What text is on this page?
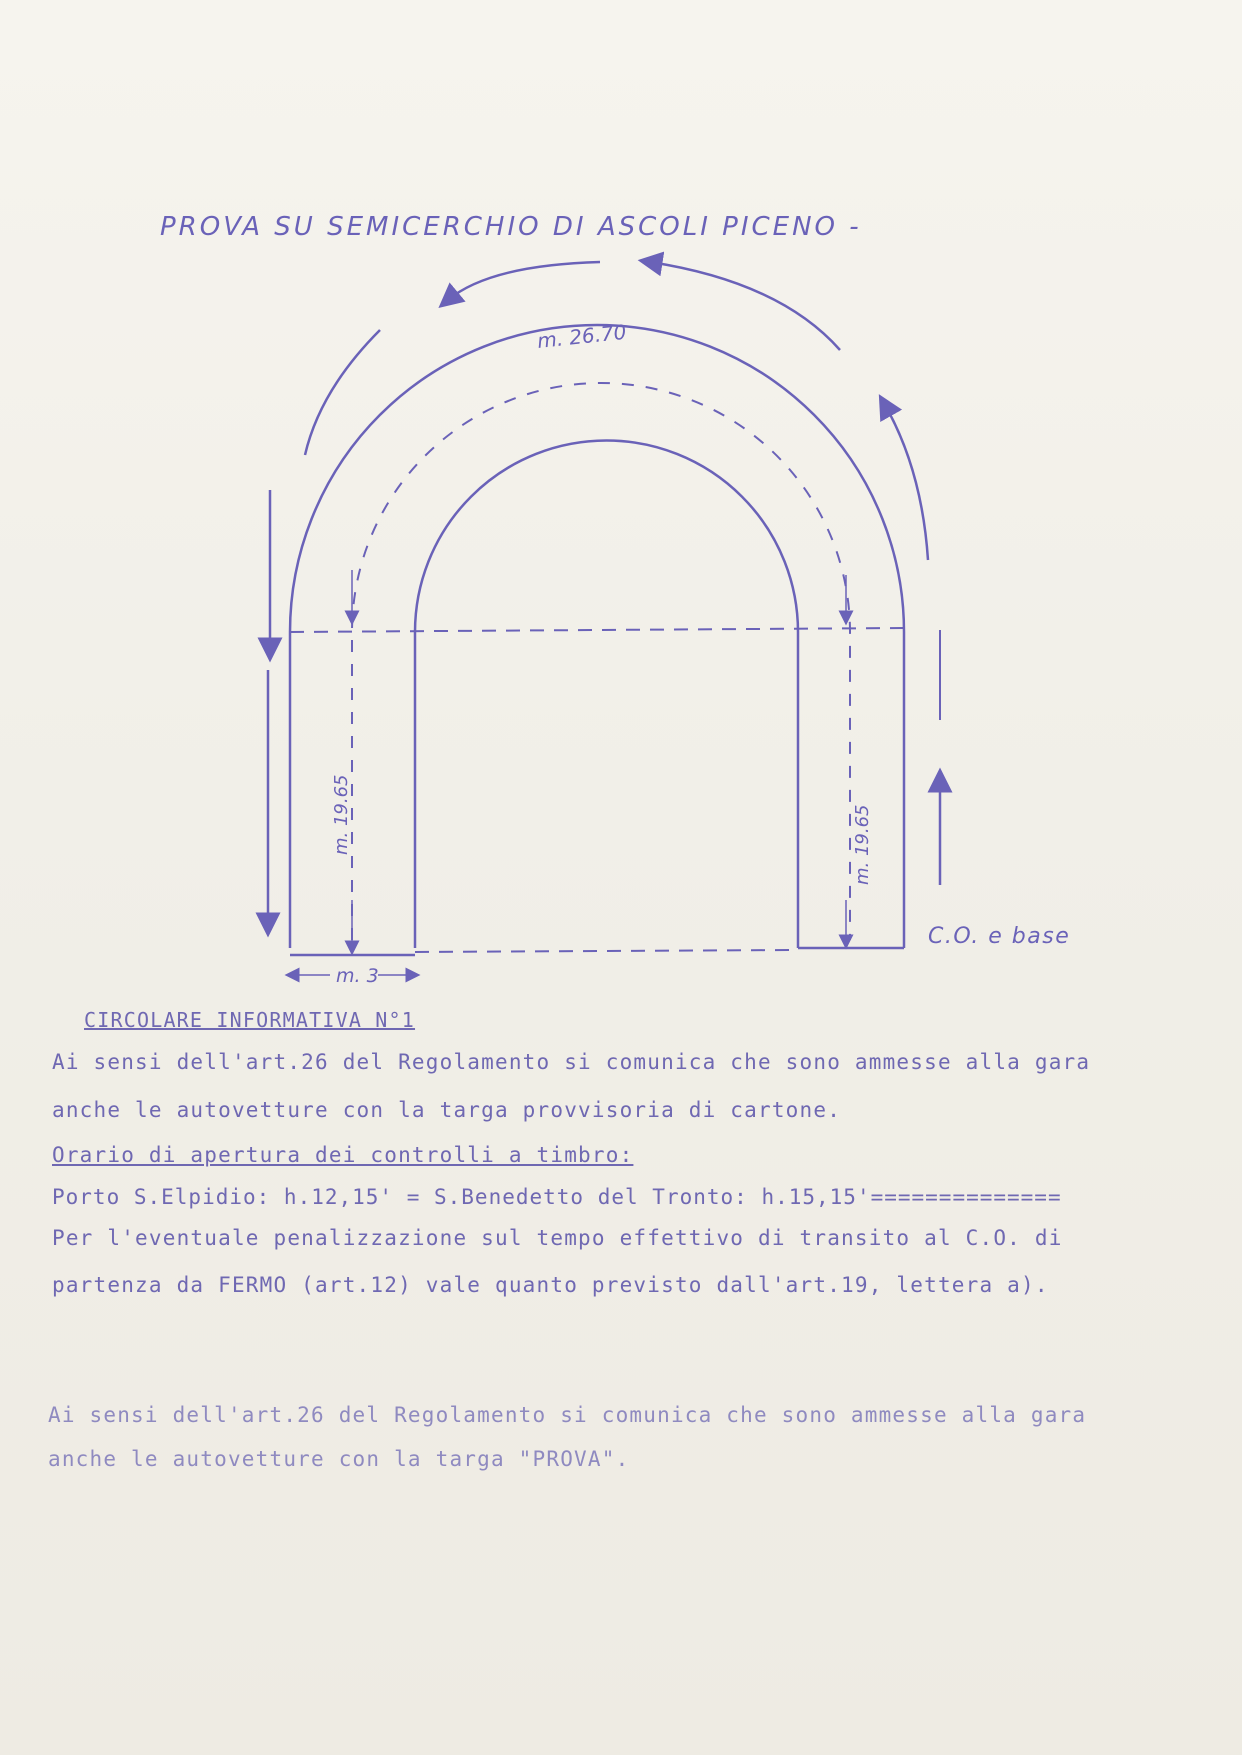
PROVA SU SEMICERCHIO DI ASCOLI PICENO -
m. 26.70
m. 19.65	m. 19.65
m. 3
C.O. e base
CIRCOLARE INFORMATIVA N°1
Ai sensi dell'art.26 del Regolamento si comunica che sono ammesse alla gara
anche le autovetture con la targa provvisoria di cartone.
Orario di apertura dei controlli a timbro:
Porto S.Elpidio: h.12,15' = S.Benedetto del Tronto: h.15,15'==============
Per l'eventuale penalizzazione sul tempo effettivo di transito al C.O. di
partenza da FERMO (art.12) vale quanto previsto dall'art.19, lettera a).
Ai sensi dell'art.26 del Regolamento si comunica che sono ammesse alla gara
anche le autovetture con la targa "PROVA".
